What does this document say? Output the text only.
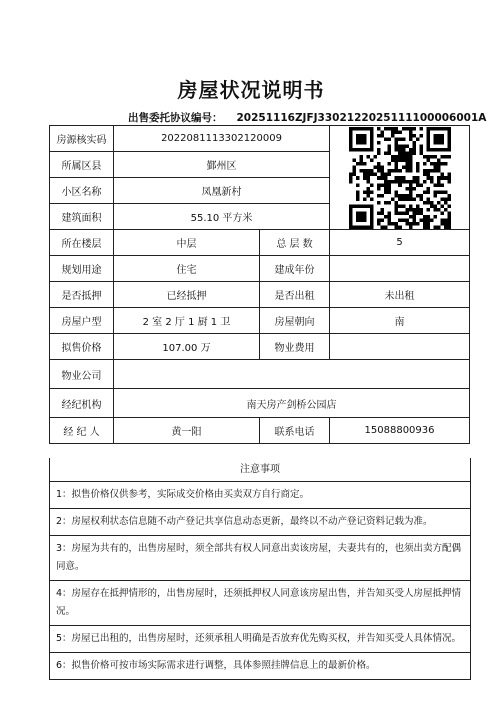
房屋状况说明书
出售委托协议编号： 20251116ZJFJ3302122025111100006001A
房源核实码	2022081113302120009	

所属区县	鄞州区		
小区名称	凤凰新村		
建筑面积	55.10 平方米		
所在楼层	中层	总 层 数	5
规划用途	住宅	建成年份	
是否抵押	已经抵押	是否出租	未出租
房屋户型	2 室 2 厅 1 厨 1 卫	房屋朝向	南
拟售价格	107.00 万	物业费用	
物业公司			
经纪机构	南天房产剑桥公园店		
经 纪 人	黄一阳	联系电话	15088800936
注意事项
1：拟售价格仅供参考，实际成交价格由买卖双方自行商定。
2：房屋权利状态信息随不动产登记共享信息动态更新，最终以不动产登记资料记载为准。
3：房屋为共有的，出售房屋时，须全部共有权人同意出卖该房屋，夫妻共有的，也须出卖方配偶同意。
4：房屋存在抵押情形的，出售房屋时，还须抵押权人同意该房屋出售，并告知买受人房屋抵押情况。
5：房屋已出租的，出售房屋时，还须承租人明确是否放弃优先购买权，并告知买受人具体情况。
6：拟售价格可按市场实际需求进行调整，具体参照挂牌信息上的最新价格。
